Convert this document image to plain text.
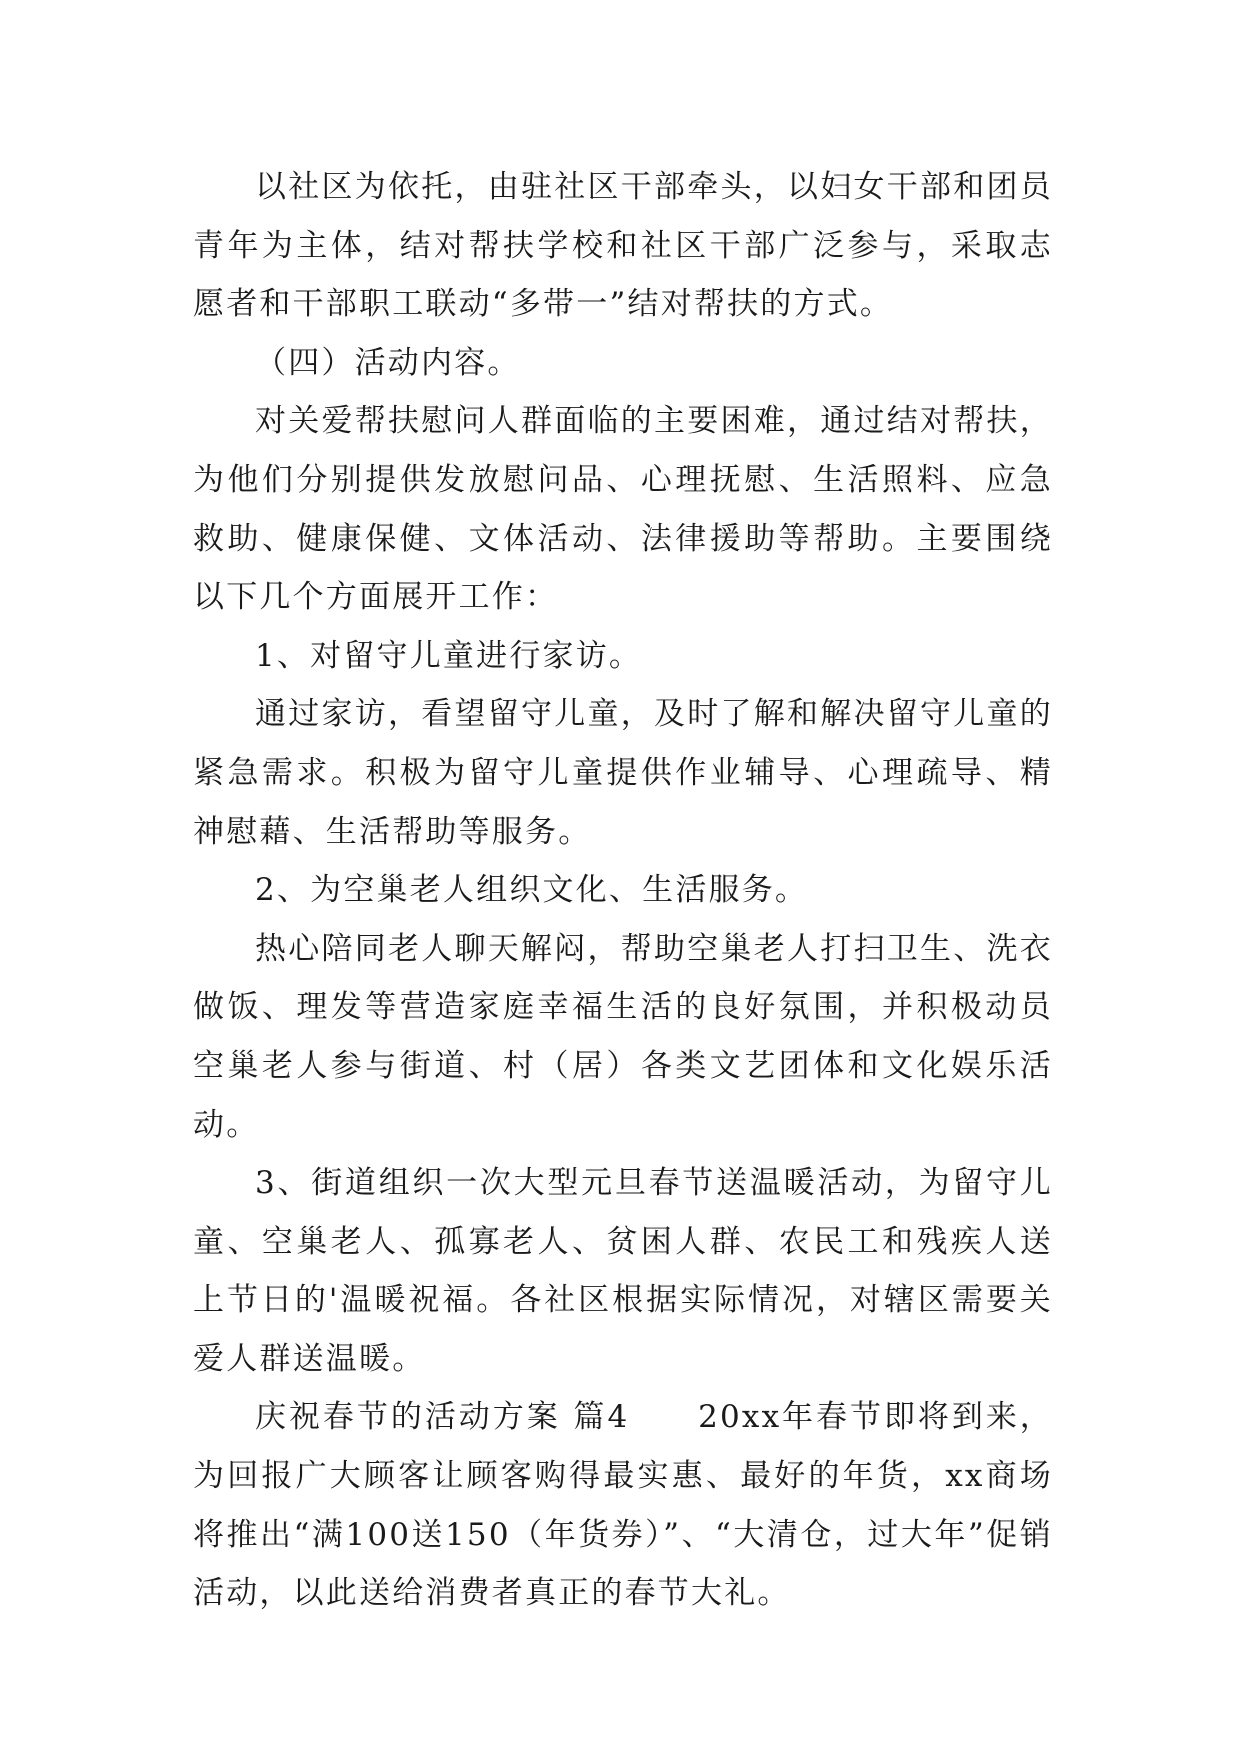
以社区为依托，由驻社区干部牵头，以妇女干部和团员青年为主体，结对帮扶学校和社区干部广泛参与，采取志愿者和干部职工联动“多带一”结对帮扶的方式。

（四）活动内容。

对关爱帮扶慰问人群面临的主要困难，通过结对帮扶，为他们分别提供发放慰问品、心理抚慰、生活照料、应急救助、健康保健、文体活动、法律援助等帮助。主要围绕以下几个方面展开工作：

1、对留守儿童进行家访。

通过家访，看望留守儿童，及时了解和解决留守儿童的紧急需求。积极为留守儿童提供作业辅导、心理疏导、精神慰藉、生活帮助等服务。

2、为空巢老人组织文化、生活服务。

热心陪同老人聊天解闷，帮助空巢老人打扫卫生、洗衣做饭、理发等营造家庭幸福生活的良好氛围，并积极动员空巢老人参与街道、村（居）各类文艺团体和文化娱乐活动。

3、街道组织一次大型元旦春节送温暖活动，为留守儿童、空巢老人、孤寡老人、贫困人群、农民工和残疾人送上节日的'温暖祝福。各社区根据实际情况，对辖区需要关爱人群送温暖。

庆祝春节的活动方案 篇4　　20xx年春节即将到来，为回报广大顾客让顾客购得最实惠、最好的年货，xx商场将推出“满100送150（年货券）”、“大清仓，过大年”促销活动，以此送给消费者真正的春节大礼。
